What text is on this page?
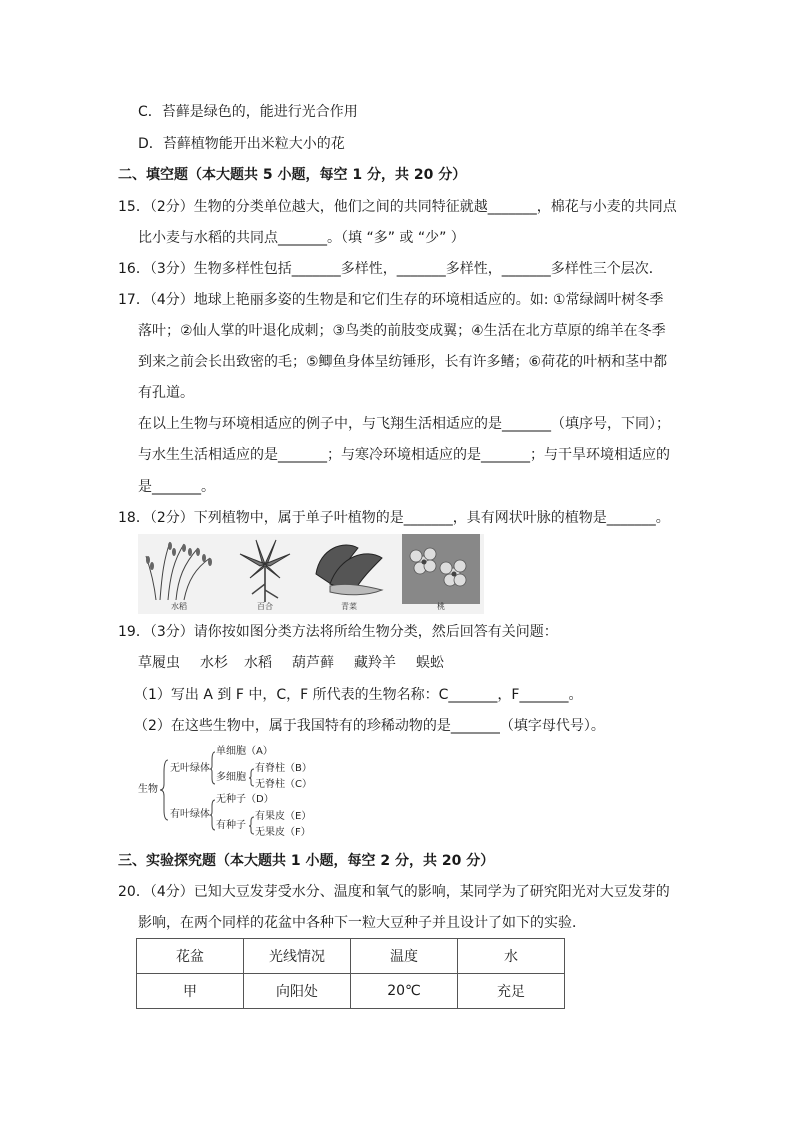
C．苔藓是绿色的，能进行光合作用
D．苔藓植物能开出米粒大小的花
二、填空题（本大题共 5 小题，每空 1 分，共 20 分）
15．（2分）生物的分类单位越大，他们之间的共同特征就越_______，棉花与小麦的共同点
比小麦与水稻的共同点_______。（填 “多” 或 “少” ）
16．（3分）生物多样性包括_______多样性，_______多样性，_______多样性三个层次．
17．（4分）地球上艳丽多姿的生物是和它们生存的环境相适应的。如: ①常绿阔叶树冬季
落叶；②仙人掌的叶退化成刺；③鸟类的前肢变成翼；④生活在北方草原的绵羊在冬季
到来之前会长出致密的毛；⑤鲫鱼身体呈纺锤形，长有许多鳍；⑥荷花的叶柄和茎中都
有孔道。
在以上生物与环境相适应的例子中，与飞翔生活相适应的是_______（填序号，下同）；
与水生生活相适应的是_______；与寒冷环境相适应的是_______；与干旱环境相适应的
是_______。
18．（2分）下列植物中，属于单子叶植物的是_______，具有网状叶脉的植物是_______。
水稻	百合	青菜	桃
19．（3分）请你按如图分类方法将所给生物分类，然后回答有关问题：
草履虫 水杉 水稻 葫芦藓 藏羚羊 蜈蚣
（1）写出 A 到 F 中，C，F 所代表的生物名称：C_______，F_______。
（2）在这些生物中，属于我国特有的珍稀动物的是_______（填字母代号）。
生物
无叶绿体
单细胞（A）
多细胞
有脊柱（B）
无脊柱（C）
有叶绿体
无种子（D）
有种子
有果皮（E）
无果皮（F）
三、实验探究题（本大题共 1 小题，每空 2 分，共 20 分）
20．（4分）已知大豆发芽受水分、温度和氧气的影响，某同学为了研究阳光对大豆发芽的
影响，在两个同样的花盆中各种下一粒大豆种子并且设计了如下的实验．
花盆	光线情况	温度	水
甲	向阳处	20℃	充足
